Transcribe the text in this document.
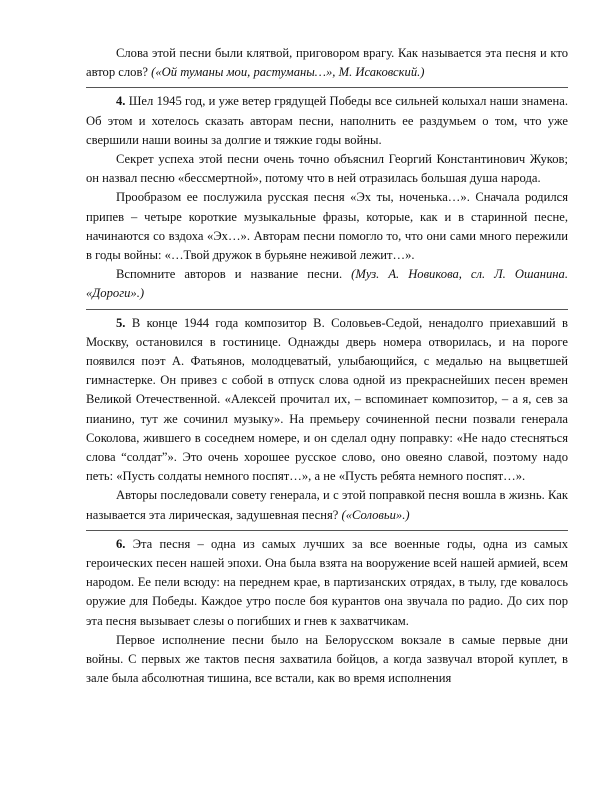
Слова этой песни были клятвой, приговором врагу. Как называется эта песня и кто автор слов? («Ой туманы мои, растуманы…», М. Исаковский.)

4. Шел 1945 год, и уже ветер грядущей Победы все сильней колыхал наши знамена. Об этом и хотелось сказать авторам песни, наполнить ее раздумьем о том, что уже свершили наши воины за долгие и тяжкие годы войны.

Секрет успеха этой песни очень точно объяснил Георгий Константинович Жуков; он назвал песню «бессмертной», потому что в ней отразилась большая душа народа.

Прообразом ее послужила русская песня «Эх ты, ноченька…». Сначала родился припев – четыре короткие музыкальные фразы, которые, как и в старинной песне, начинаются со вздоха «Эх…». Авторам песни помогло то, что они сами много пережили в годы войны: «…Твой дружок в бурьяне неживой лежит…».

Вспомните авторов и название песни. (Муз. А. Новикова, сл. Л. Ошанина. «Дороги».)

5. В конце 1944 года композитор В. Соловьев-Седой, ненадолго приехавший в Москву, остановился в гостинице. Однажды дверь номера отворилась, и на пороге появился поэт А. Фатьянов, молодцеватый, улыбающийся, с медалью на выцветшей гимнастерке. Он привез с собой в отпуск слова одной из прекраснейших песен времен Великой Отечественной. «Алексей прочитал их, – вспоминает композитор, – а я, сев за пианино, тут же сочинил музыку». На премьеру сочиненной песни позвали генерала Соколова, жившего в соседнем номере, и он сделал одну поправку: «Не надо стесняться слова “солдат”». Это очень хорошее русское слово, оно овеяно славой, поэтому надо петь: «Пусть солдаты немного поспят…», а не «Пусть ребята немного поспят…».

Авторы последовали совету генерала, и с этой поправкой песня вошла в жизнь. Как называется эта лирическая, задушевная песня? («Соловьи».)

6. Эта песня – одна из самых лучших за все военные годы, одна из самых героических песен нашей эпохи. Она была взята на вооружение всей нашей армией, всем народом. Ее пели всюду: на переднем крае, в партизанских отрядах, в тылу, где ковалось оружие для Победы. Каждое утро после боя курантов она звучала по радио. До сих пор эта песня вызывает слезы о погибших и гнев к захватчикам.

Первое исполнение песни было на Белорусском вокзале в самые первые дни войны. С первых же тактов песня захватила бойцов, а когда зазвучал второй куплет, в зале была абсолютная тишина, все встали, как во время исполнения
